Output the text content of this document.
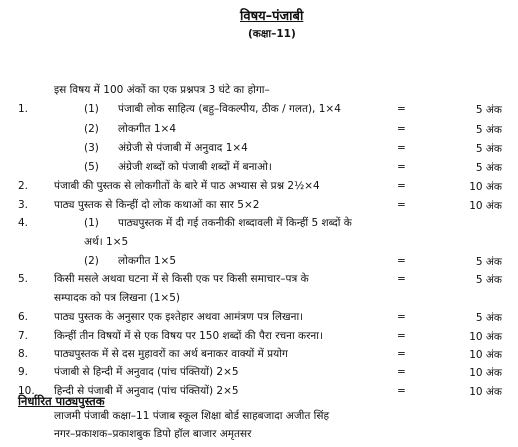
विषय–पंजाबी
(कक्षा–11)
इस विषय में 100 अंकों का एक प्रश्नपत्र 3 घंटे का होगा–
1.	(1) पंजाबी लोक साहित्य (बहु–विकल्पीय, ठीक / गलत), 1×4	=	5 अंक
(2) लोकगीत 1×4	=	5 अंक
(3) अंग्रेजी से पंजाबी में अनुवाद 1×4	=	5 अंक
(5) अंग्रेजी शब्दों को पंजाबी शब्दों में बनाओ।	=	5 अंक
2. पंजाबी की पुस्तक से लोकगीतों के बारे में पाठ अभ्यास से प्रश्न 2½×4	=	10 अंक
3. पाठ्य पुस्तक से किन्हीं दो लोक कथाओं का सार 5×2	=	10 अंक
4.	(1) पाठ्यपुस्तक में दी गई तकनीकी शब्दावली में किन्हीं 5 शब्दों के
अर्थ। 1×5
(2) लोकगीत 1×5	=	5 अंक
5. किसी मसले अथवा घटना में से किसी एक पर किसी समाचार–पत्र के	=	5 अंक
सम्पादक को पत्र लिखना (1×5)
6. पाठ्य पुस्तक के अनुसार एक इश्तेहार अथवा आमंत्रण पत्र लिखना।	=	5 अंक
7. किन्हीं तीन विषयों में से एक विषय पर 150 शब्दों की पैरा रचना करना।	=	10 अंक
8. पाठ्यपुस्तक में से दस मुहावरों का अर्थ बनाकर वाक्यों में प्रयोग	=	10 अंक
9. पंजाबी से हिन्दी में अनुवाद (पांच पंक्तियों) 2×5	=	10 अंक
10. हिन्दी से पंजाबी में अनुवाद (पांच पंक्तियों) 2×5	=	10 अंक
निर्धारित पाठ्यपुस्तक
लाजमी पंजाबी कक्षा–11 पंजाब स्कूल शिक्षा बोर्ड साहबजादा अजीत सिंह
नगर–प्रकाशक–प्रकाशबुक डिपो हॉल बाजार अमृतसर
